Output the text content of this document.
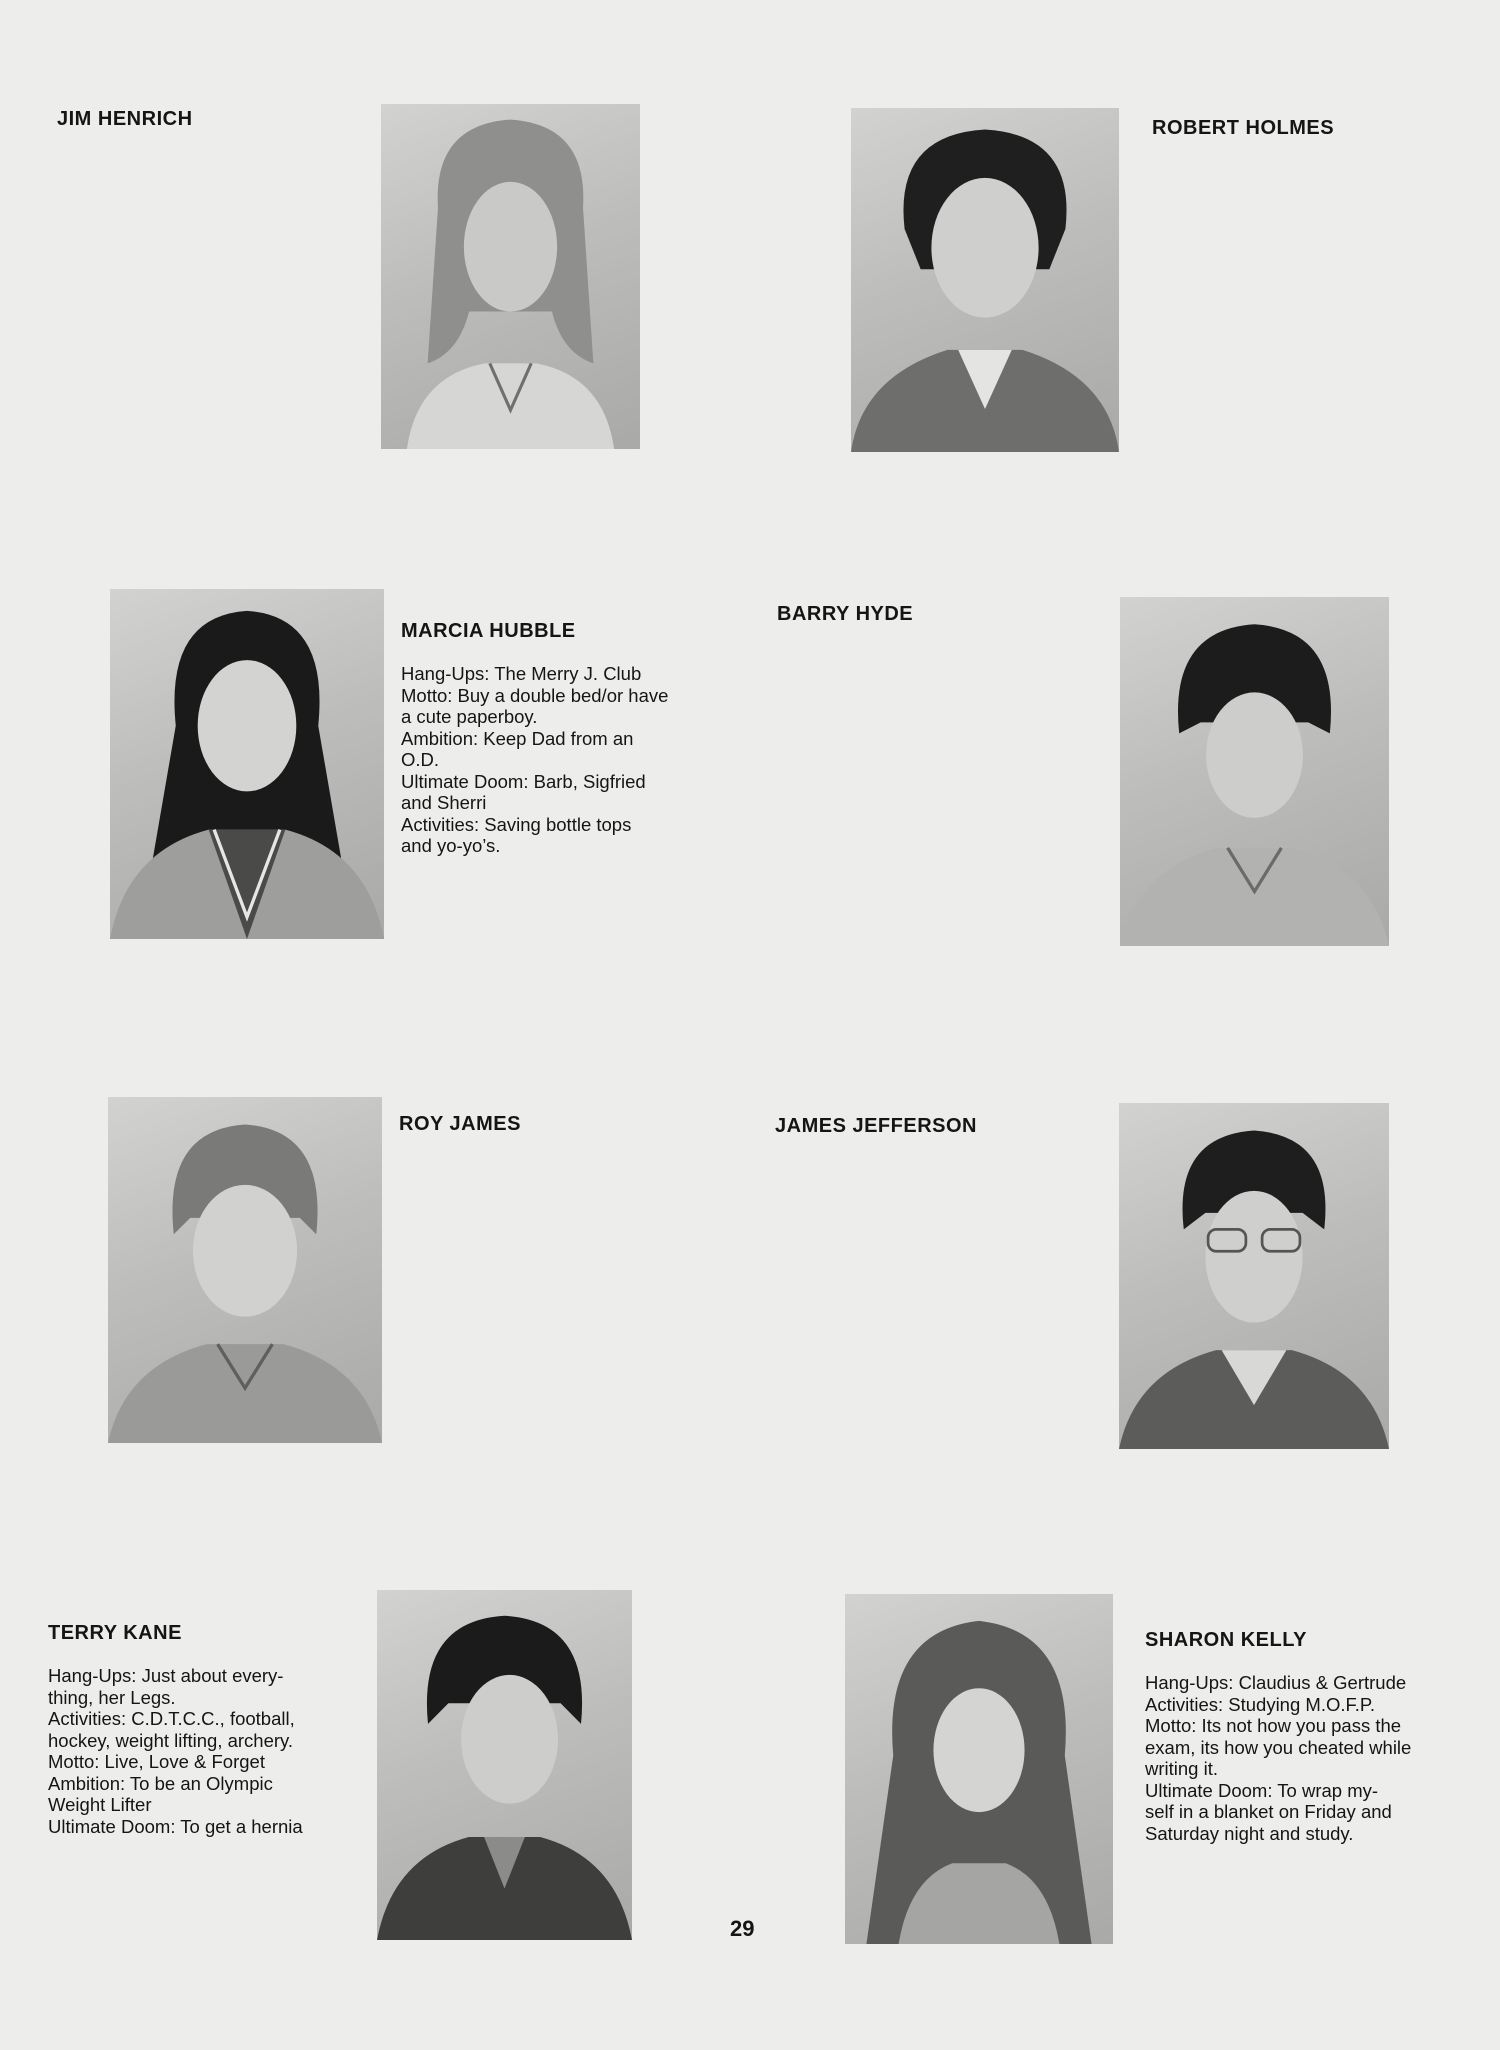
JIM HENRICH	ROBERT HOLMES

MARCIA HUBBLE

Hang-Ups: The Merry J. Club
Motto: Buy a double bed/or have
a cute paperboy.
Ambition: Keep Dad from an
O.D.
Ultimate Doom: Barb, Sigfried
and Sherri
Activities: Saving bottle tops
and yo-yo’s.

BARRY HYDE
ROY JAMES	JAMES JEFFERSON

TERRY KANE

Hang-Ups: Just about every-
thing, her Legs.
Activities: C.D.T.C.C., football,
hockey, weight lifting, archery.
Motto: Live, Love & Forget
Ambition: To be an Olympic
Weight Lifter
Ultimate Doom: To get a hernia

SHARON KELLY

Hang-Ups: Claudius & Gertrude
Activities: Studying M.O.F.P.
Motto: Its not how you pass the
exam, its how you cheated while
writing it.
Ultimate Doom: To wrap my-
self in a blanket on Friday and
Saturday night and study.

29
